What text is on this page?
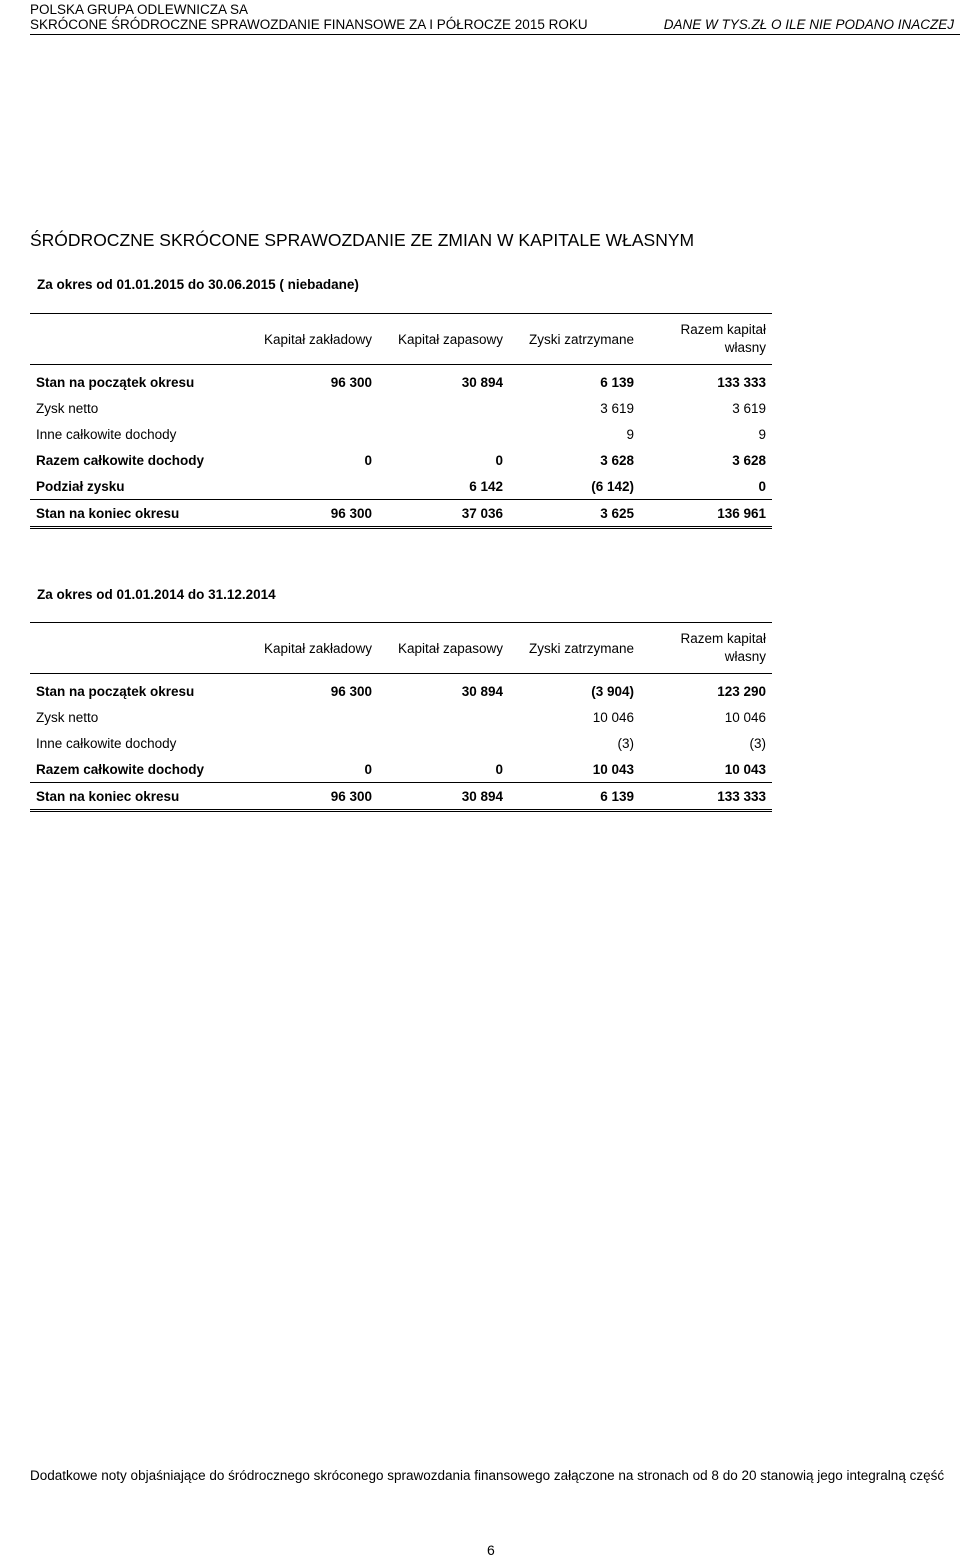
POLSKA GRUPA ODLEWNICZA SA
SKRÓCONE ŚRÓDROCZNE SPRAWOZDANIE FINANSOWE ZA I PÓŁROCZE 2015 ROKU	DANE W TYS.ZŁ O ILE NIE PODANO INACZEJ
ŚRÓDROCZNE SKRÓCONE SPRAWOZDANIE ZE ZMIAN W KAPITALE WŁASNYM
Za okres od 01.01.2015 do 30.06.2015 ( niebadane)
	Kapitał zakładowy	Kapitał zapasowy	Zyski zatrzymane	Razem kapitał własny
Stan na początek okresu	96 300	30 894	6 139	133 333
Zysk netto			3 619	3 619
Inne całkowite dochody			9	9
Razem całkowite dochody	0	0	3 628	3 628
Podział zysku		6 142	(6 142)	0
Stan na koniec okresu	96 300	37 036	3 625	136 961
Za okres od 01.01.2014 do 31.12.2014
	Kapitał zakładowy	Kapitał zapasowy	Zyski zatrzymane	Razem kapitał własny
Stan na początek okresu	96 300	30 894	(3 904)	123 290
Zysk netto			10 046	10 046
Inne całkowite dochody			(3)	(3)
Razem całkowite dochody	0	0	10 043	10 043
Stan na koniec okresu	96 300	30 894	6 139	133 333
Dodatkowe noty objaśniające do śródrocznego skróconego sprawozdania finansowego załączone na stronach od 8 do 20 stanowią jego integralną część
6
